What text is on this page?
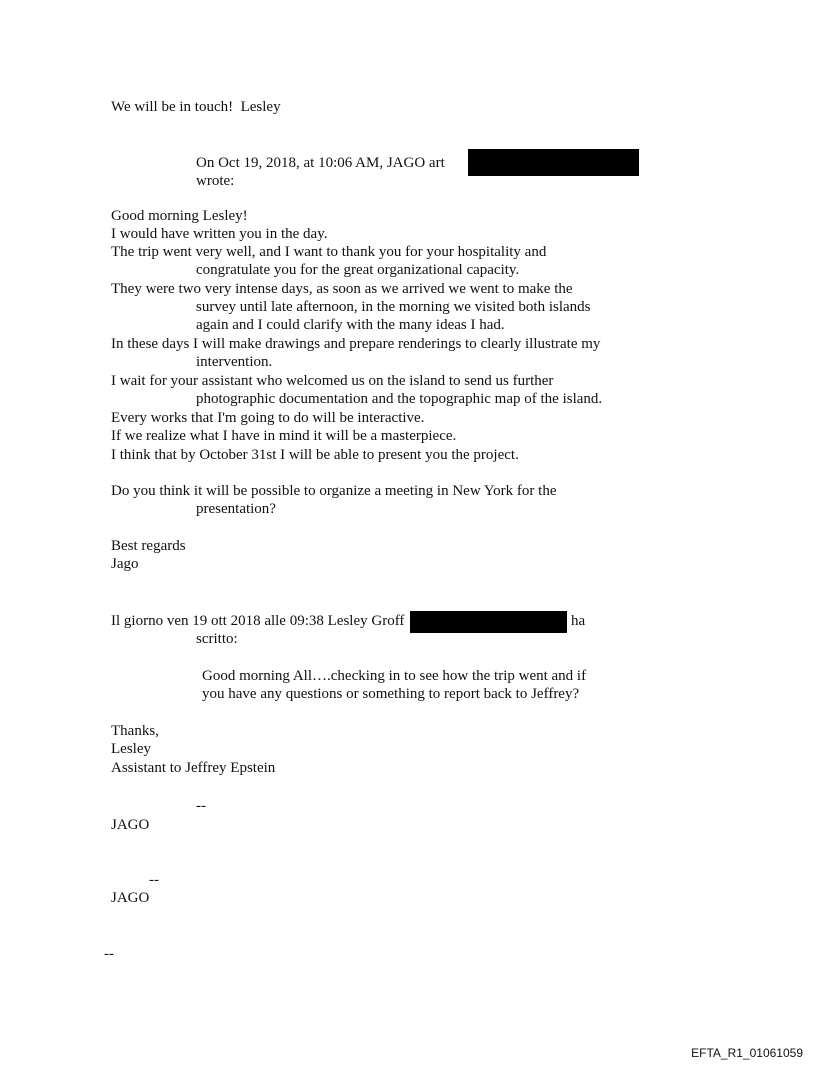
We will be in touch!  Lesley
On Oct 19, 2018, at 10:06 AM, JAGO art
wrote:
Good morning Lesley!
I would have written you in the day.
The trip went very well, and I want to thank you for your hospitality and
congratulate you for the great organizational capacity.
They were two very intense days, as soon as we arrived we went to make the
survey until late afternoon, in the morning we visited both islands
again and I could clarify with the many ideas I had.
In these days I will make drawings and prepare renderings to clearly illustrate my
intervention.
I wait for your assistant who welcomed us on the island to send us further
photographic documentation and the topographic map of the island.
Every works that I'm going to do will be interactive.
If we realize what I have in mind it will be a masterpiece.
I think that by October 31st I will be able to present you the project.
Do you think it will be possible to organize a meeting in New York for the
presentation?
Best regards
Jago
Il giorno ven 19 ott 2018 alle 09:38 Lesley Groff	ha
scritto:
Good morning All….checking in to see how the trip went and if
you have any questions or something to report back to Jeffrey?
Thanks,
Lesley
Assistant to Jeffrey Epstein
--
JAGO
--
JAGO
--
EFTA_R1_01061059
